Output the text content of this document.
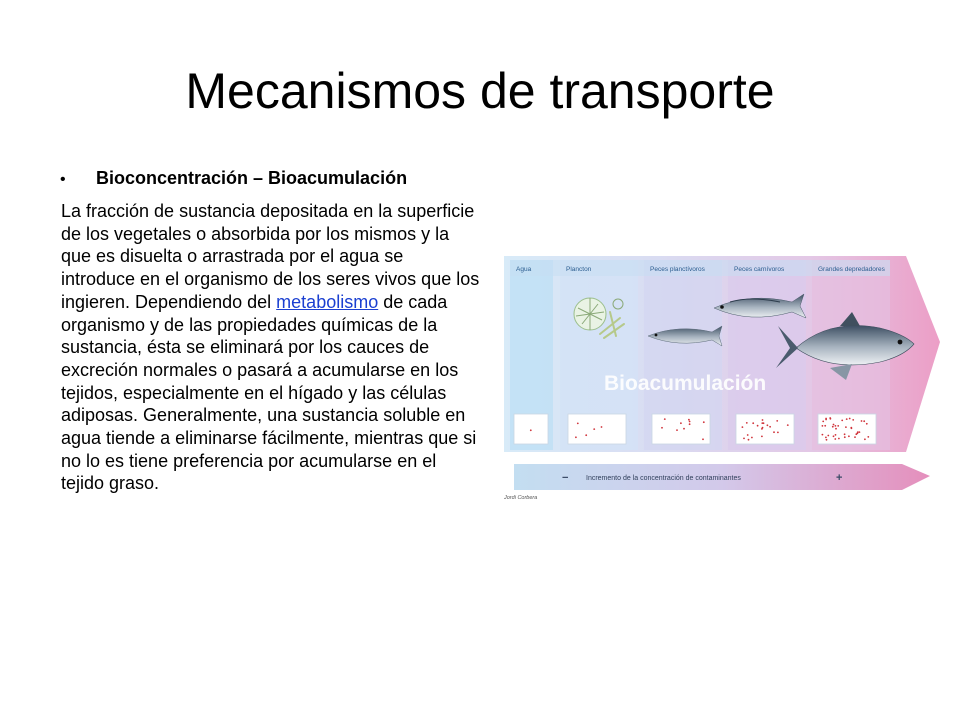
Mecanismos de transporte
•	Bioconcentración – Bioacumulación
La fracción de sustancia depositada en la superficie de los vegetales o absorbida por los mismos y la que es disuelta o arrastrada por el agua se introduce en el organismo de los seres vivos que los ingieren. Dependiendo del metabolismo de cada organismo y de las propiedades químicas de la sustancia, ésta se eliminará por los cauces de excreción normales o pasará a acumularse en los tejidos, especialmente en el hígado y las células adiposas. Generalmente, una sustancia soluble en agua tiende a eliminarse fácilmente, mientras que si no lo es tiene preferencia por acumularse en el tejido graso.
Agua	Plancton	Peces planctívoros	Peces carnívoros	Grandes depredadores
Bioacumulación
−	Incremento de la concentración de contaminantes	+
Jordi Corbera
